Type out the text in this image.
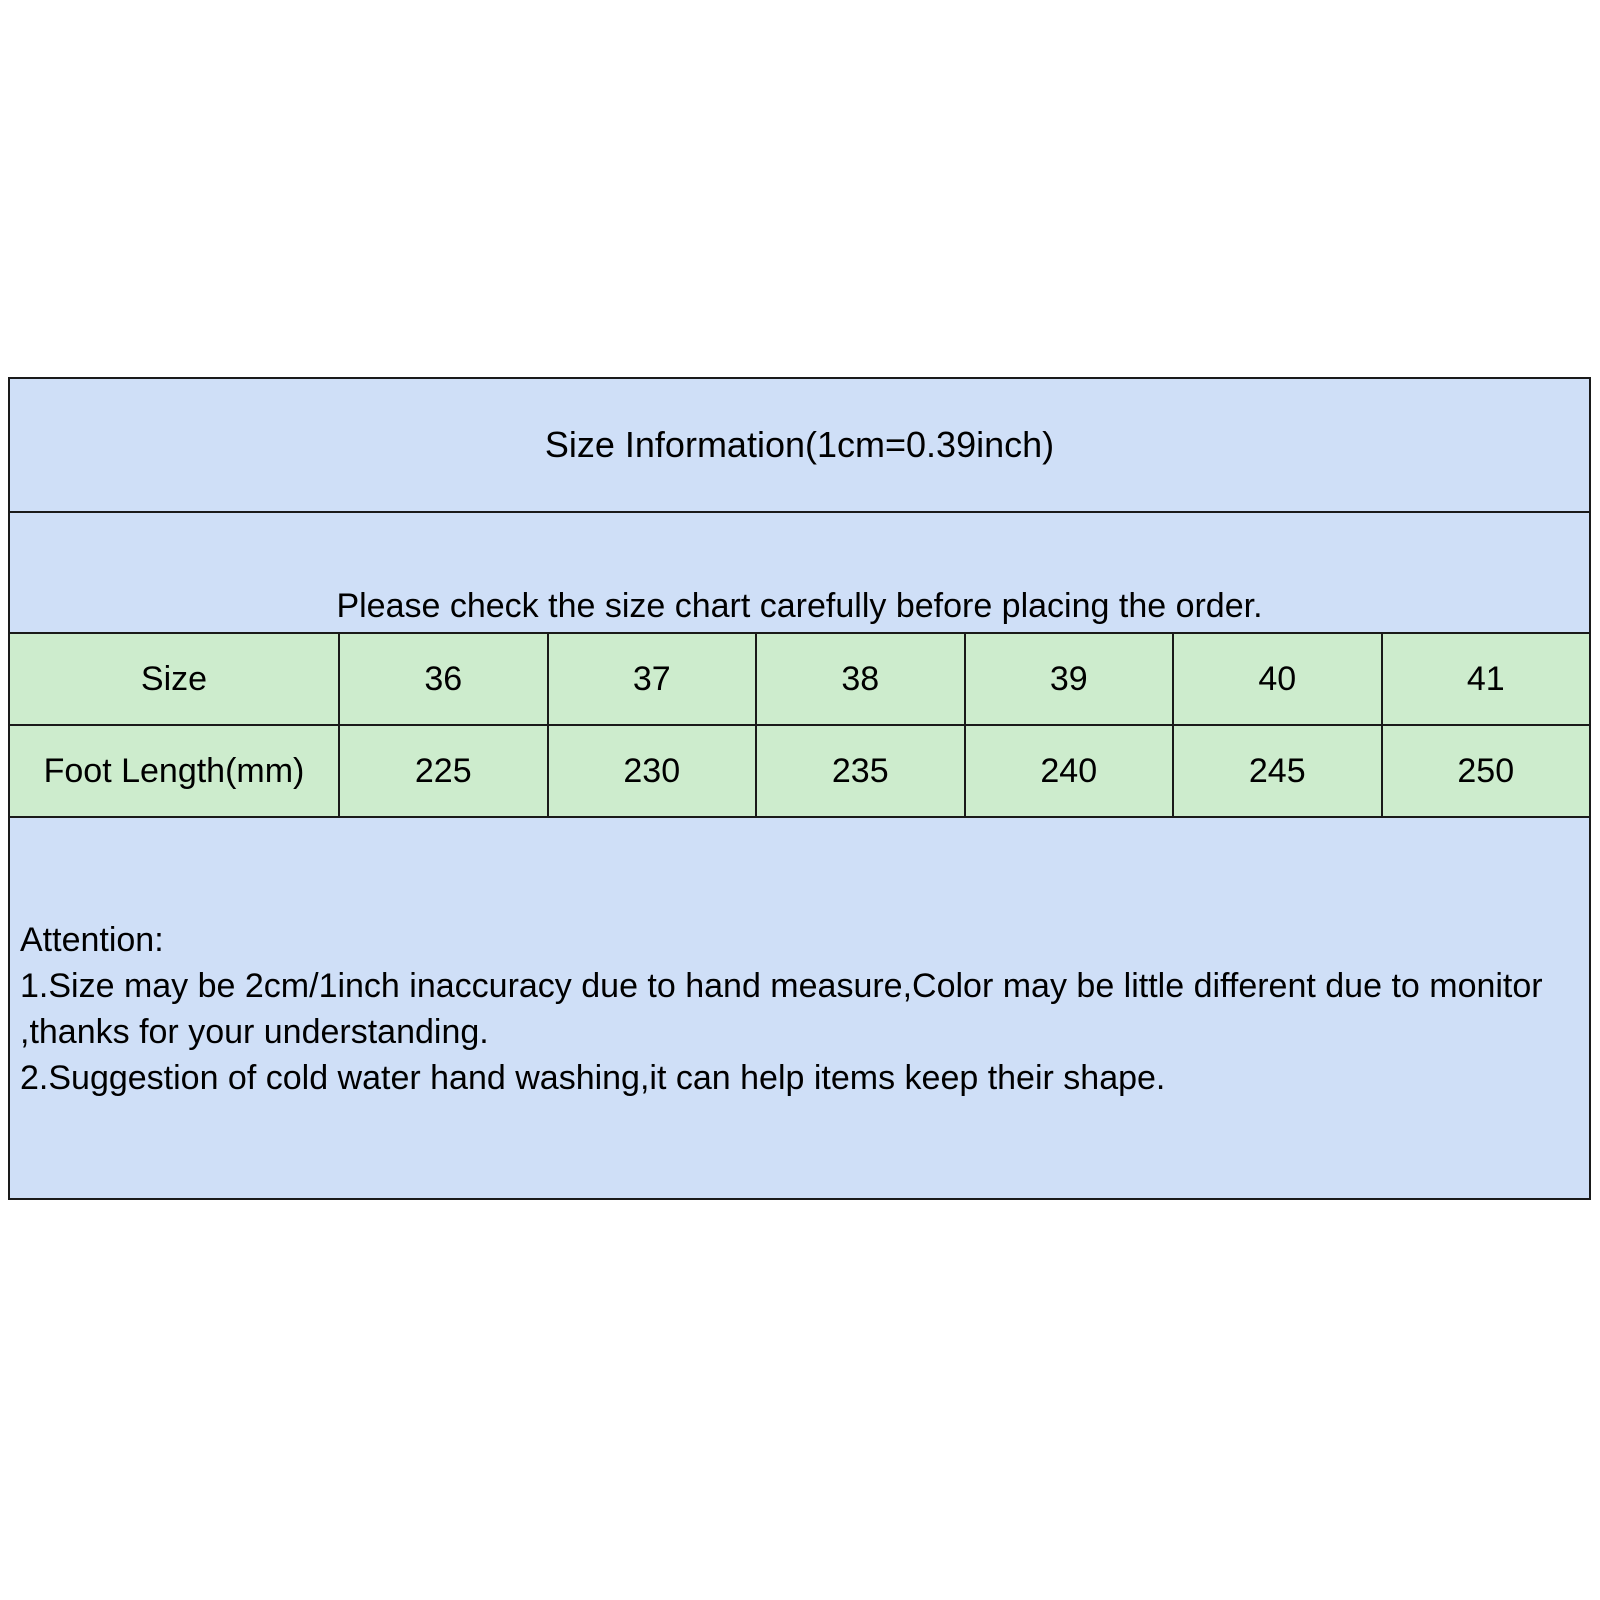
Size Information(1cm=0.39inch)
Please check the size chart carefully before placing the order.
Size	36	37	38	39	40	41
Foot Length(mm)	225	230	235	240	245	250

Attention:

1.Size may be 2cm/1inch inaccuracy due to hand measure,Color may be little different due to monitor ,thanks for your understanding.

2.Suggestion of cold water hand washing,it can help items keep their shape.
